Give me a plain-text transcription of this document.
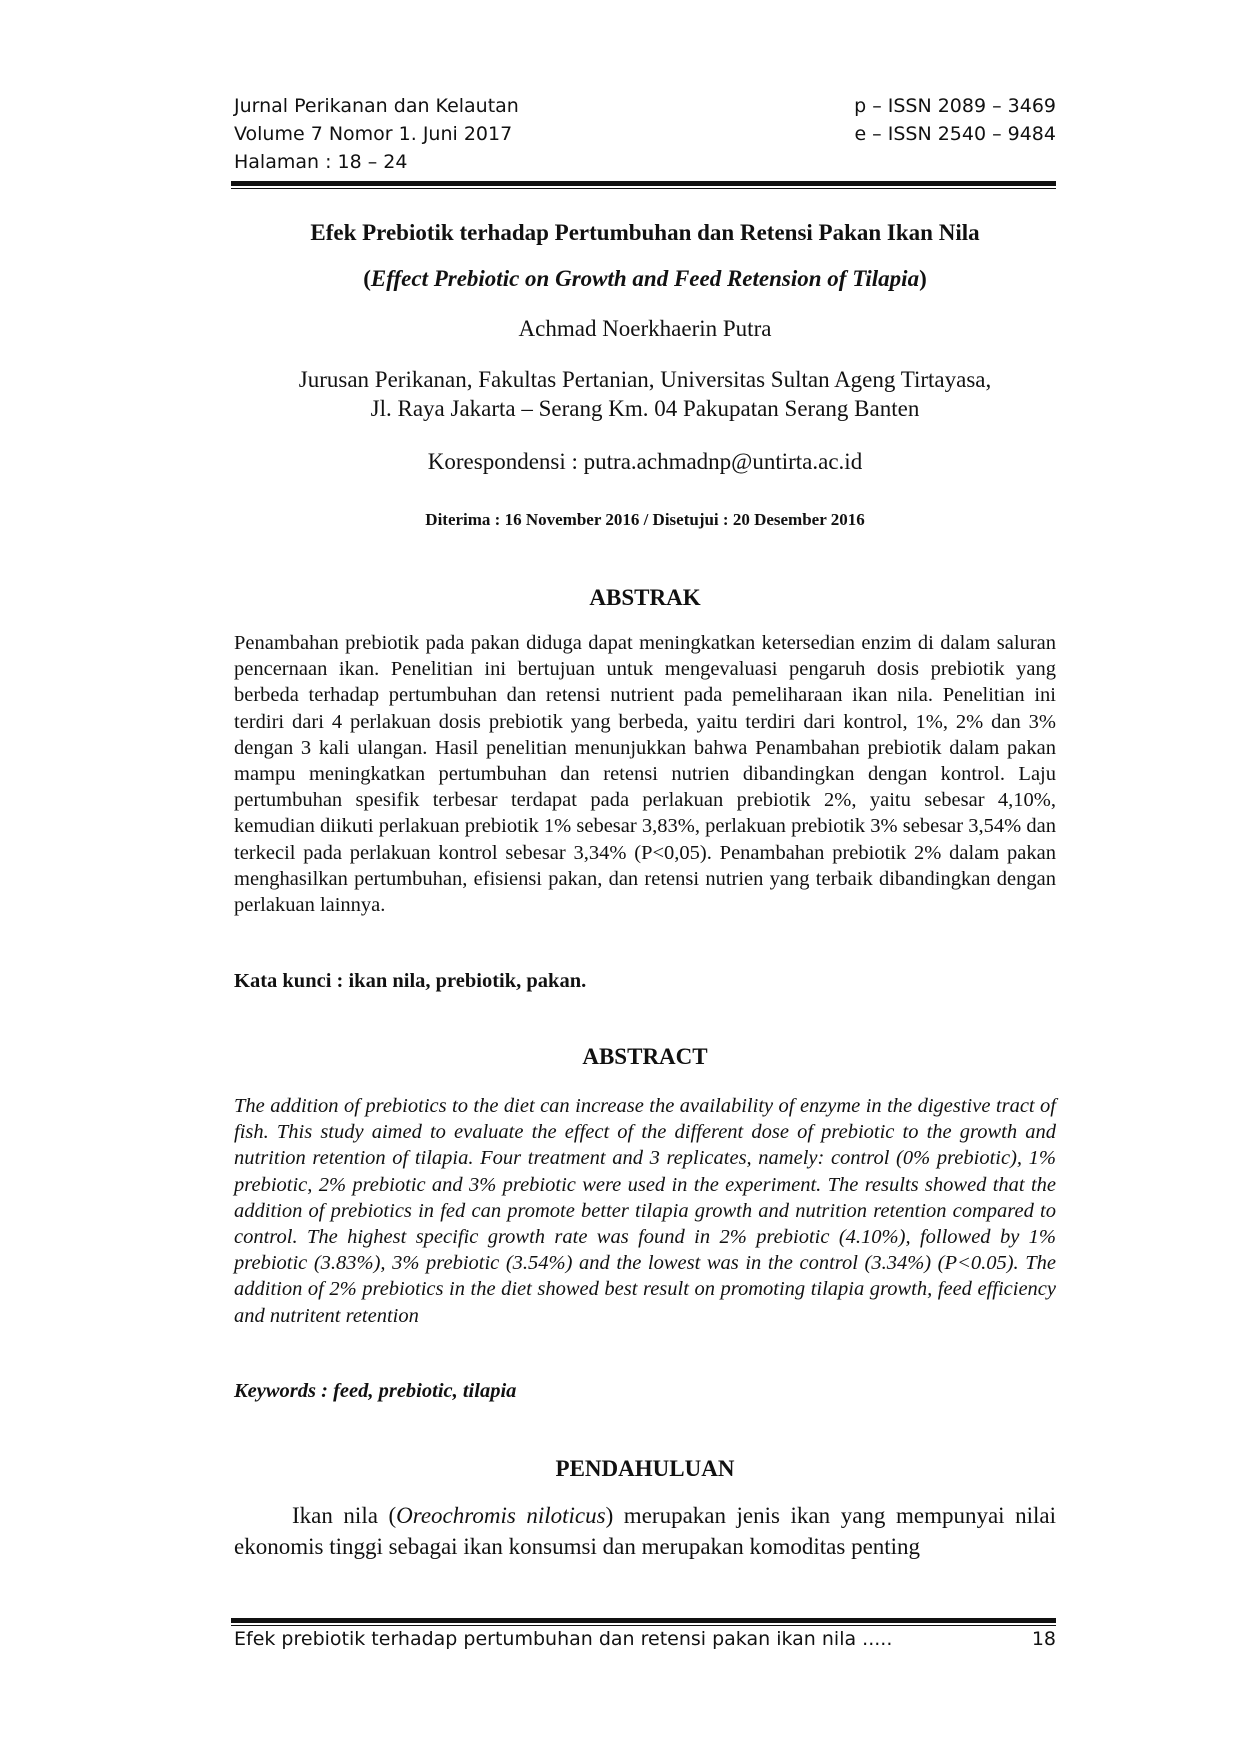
Jurnal Perikanan dan Kelautan	p – ISSN 2089 – 3469
Volume 7 Nomor 1. Juni 2017	e – ISSN 2540 – 9484
Halaman : 18 – 24
Efek Prebiotik terhadap Pertumbuhan dan Retensi Pakan Ikan Nila
(Effect Prebiotic on Growth and Feed Retension of Tilapia)
Achmad Noerkhaerin Putra
Jurusan Perikanan, Fakultas Pertanian, Universitas Sultan Ageng Tirtayasa,
Jl. Raya Jakarta – Serang Km. 04 Pakupatan Serang Banten
Korespondensi : putra.achmadnp@untirta.ac.id
Diterima : 16 November 2016 / Disetujui : 20 Desember 2016
ABSTRAK

Penambahan prebiotik pada pakan diduga dapat meningkatkan ketersedian enzim di dalam saluran pencernaan ikan. Penelitian ini bertujuan untuk mengevaluasi pengaruh dosis prebiotik yang berbeda terhadap pertumbuhan dan retensi nutrient pada pemeliharaan ikan nila. Penelitian ini terdiri dari 4 perlakuan dosis prebiotik yang berbeda, yaitu terdiri dari kontrol, 1%, 2% dan 3% dengan 3 kali ulangan. Hasil penelitian menunjukkan bahwa Penambahan prebiotik dalam pakan mampu meningkatkan pertumbuhan dan retensi nutrien dibandingkan dengan kontrol. Laju pertumbuhan spesifik terbesar terdapat pada perlakuan prebiotik 2%, yaitu sebesar 4,10%, kemudian diikuti perlakuan prebiotik 1% sebesar 3,83%, perlakuan prebiotik 3% sebesar 3,54% dan terkecil pada perlakuan kontrol sebesar 3,34% (P<0,05). Penambahan prebiotik 2% dalam pakan menghasilkan pertumbuhan, efisiensi pakan, dan retensi nutrien yang terbaik dibandingkan dengan perlakuan lainnya.

Kata kunci : ikan nila, prebiotik, pakan.
ABSTRACT

The addition of prebiotics to the diet can increase the availability of enzyme in the digestive tract of fish. This study aimed to evaluate the effect of the different dose of prebiotic to the growth and nutrition retention of tilapia. Four treatment and 3 replicates, namely: control (0% prebiotic), 1% prebiotic, 2% prebiotic and 3% prebiotic were used in the experiment. The results showed that the addition of prebiotics in fed can promote better tilapia growth and nutrition retention compared to control. The highest specific growth rate was found in 2% prebiotic (4.10%), followed by 1% prebiotic (3.83%), 3% prebiotic (3.54%) and the lowest was in the control (3.34%) (P<0.05). The addition of 2% prebiotics in the diet showed best result on promoting tilapia growth, feed efficiency and nutritent retention

Keywords : feed, prebiotic, tilapia
PENDAHULUAN

Ikan nila (Oreochromis niloticus) merupakan jenis ikan yang mempunyai nilai ekonomis tinggi sebagai ikan konsumsi dan merupakan komoditas penting

Efek prebiotik terhadap pertumbuhan dan retensi pakan ikan nila .....	18
